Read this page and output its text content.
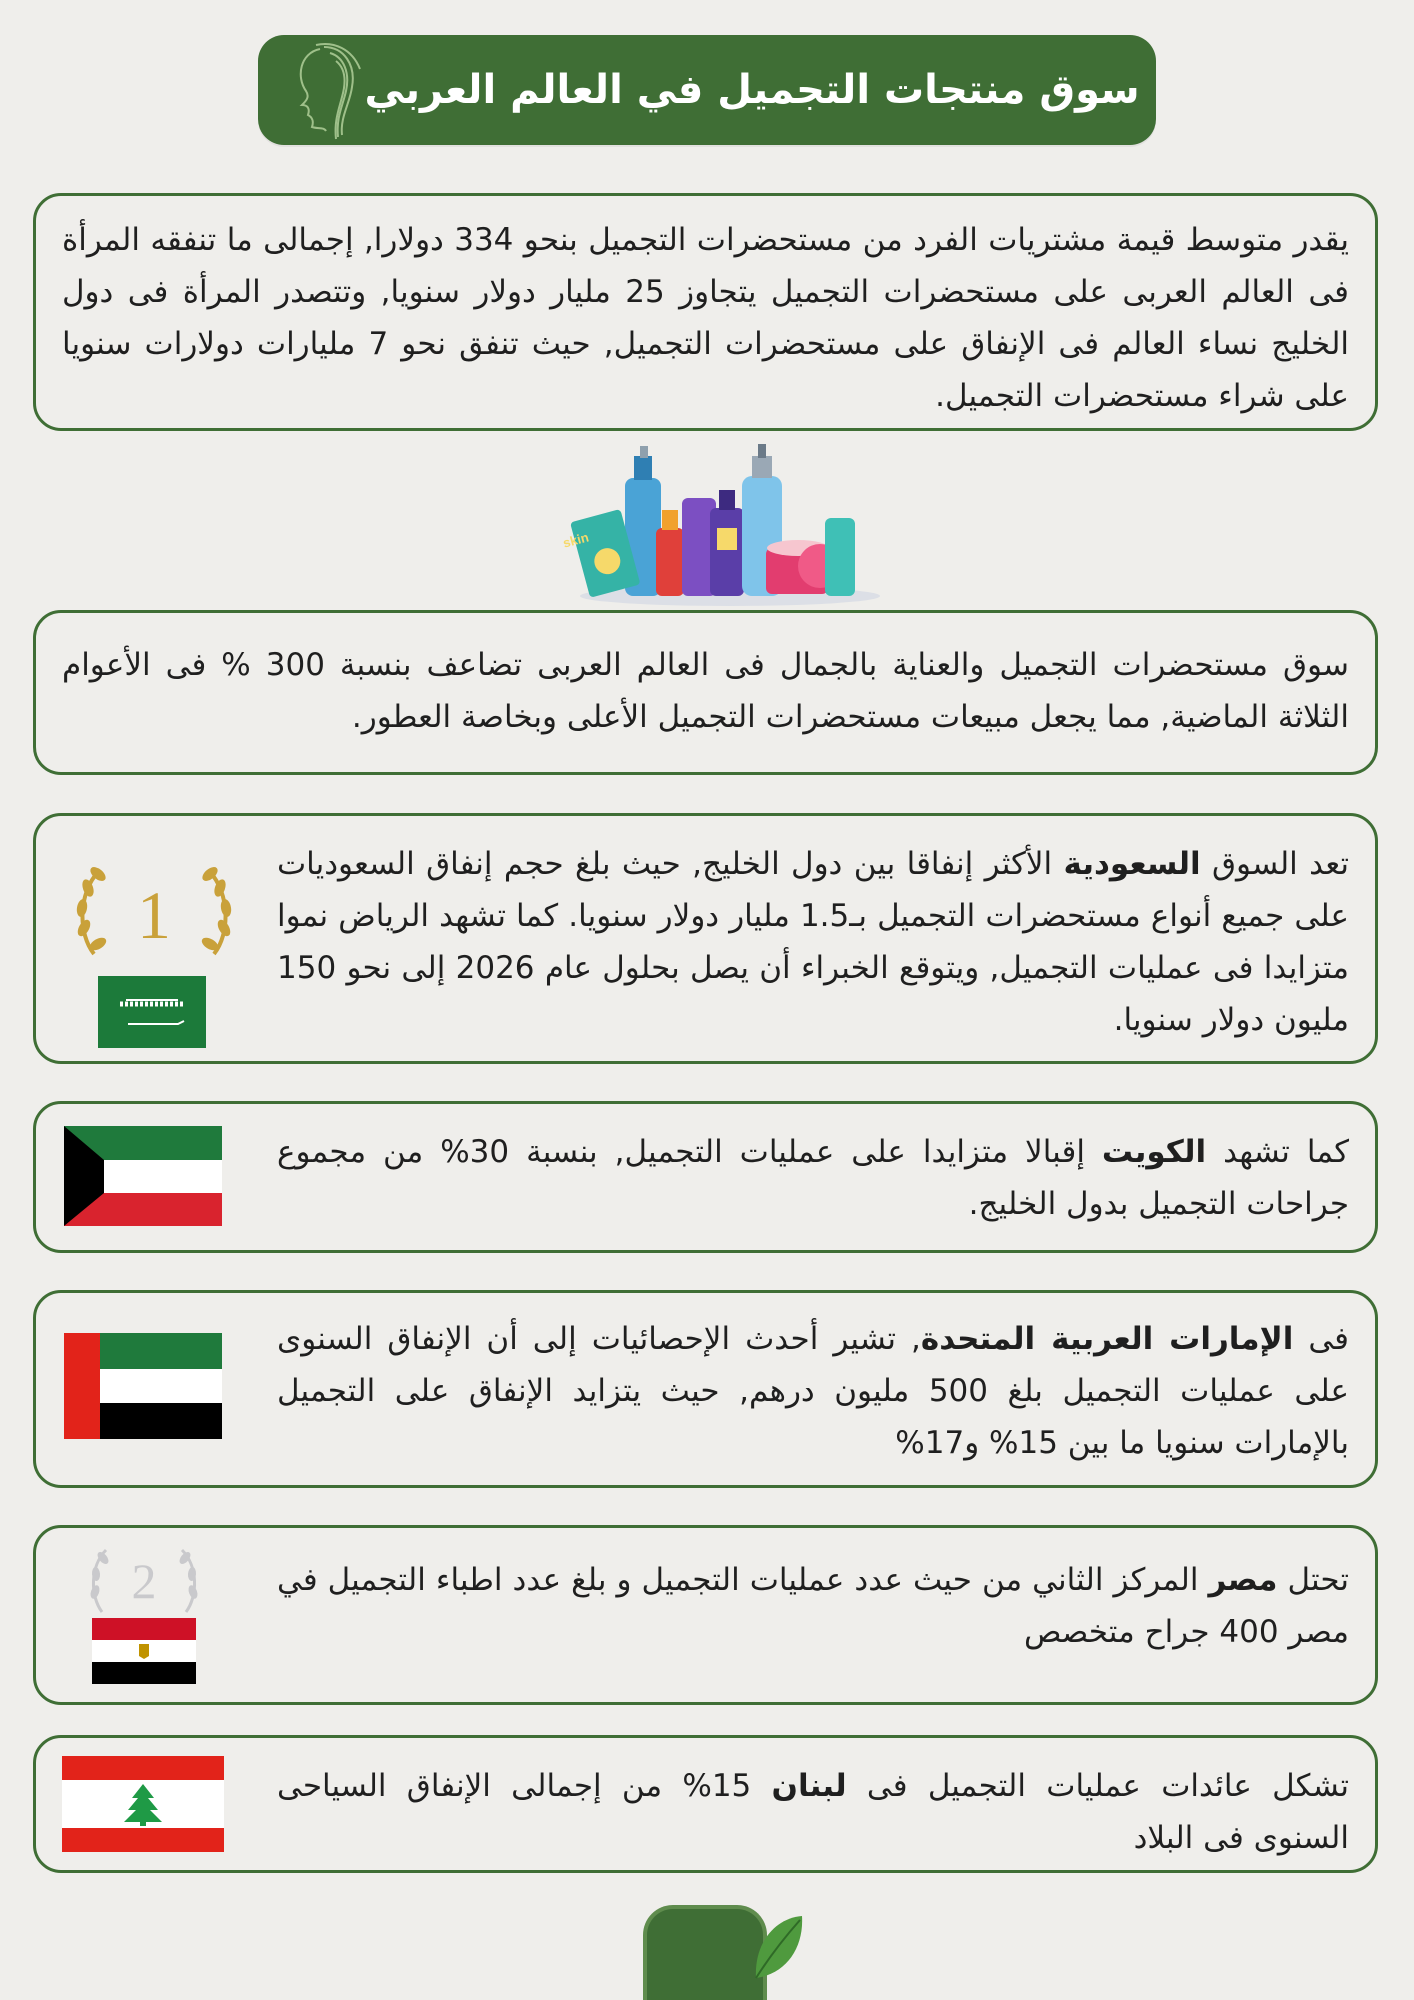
سوق منتجات التجميل في العالم العربي

يقدر متوسط قيمة مشتريات الفرد من مستحضرات التجميل بنحو 334 دولارا, إجمالى ما تنفقه المرأة فى العالم العربى على مستحضرات التجميل يتجاوز 25 مليار دولار سنويا, وتتصدر المرأة فى دول الخليج نساء العالم فى الإنفاق على مستحضرات التجميل, حيث تنفق نحو 7 مليارات دولارات سنويا على شراء مستحضرات التجميل.

skin

سوق مستحضرات التجميل والعناية بالجمال فى العالم العربى تضاعف بنسبة 300 % فى الأعوام الثلاثة الماضية, مما يجعل مبيعات مستحضرات التجميل الأعلى وبخاصة العطور.

تعد السوق السعودية الأكثر إنفاقا بين دول الخليج, حيث بلغ حجم إنفاق السعوديات على جميع أنواع مستحضرات التجميل بـ1.5 مليار دولار سنويا. كما تشهد الرياض نموا متزايدا فى عمليات التجميل, ويتوقع الخبراء أن يصل بحلول عام 2026 إلى نحو 150 مليون دولار سنويا.

1

كما تشهد الكويت إقبالا متزايدا على عمليات التجميل, بنسبة 30% من مجموع جراحات التجميل بدول الخليج.

فى الإمارات العربية المتحدة, تشير أحدث الإحصائيات إلى أن الإنفاق السنوى على عمليات التجميل بلغ 500 مليون درهم, حيث يتزايد الإنفاق على التجميل بالإمارات سنويا ما بين 15% و17%

تحتل مصر المركز الثاني من حيث عدد عمليات التجميل و بلغ عدد اطباء التجميل في مصر 400 جراح متخصص

2

تشكل عائدات عمليات التجميل فى لبنان 15% من إجمالى الإنفاق السياحى السنوى فى البلاد
